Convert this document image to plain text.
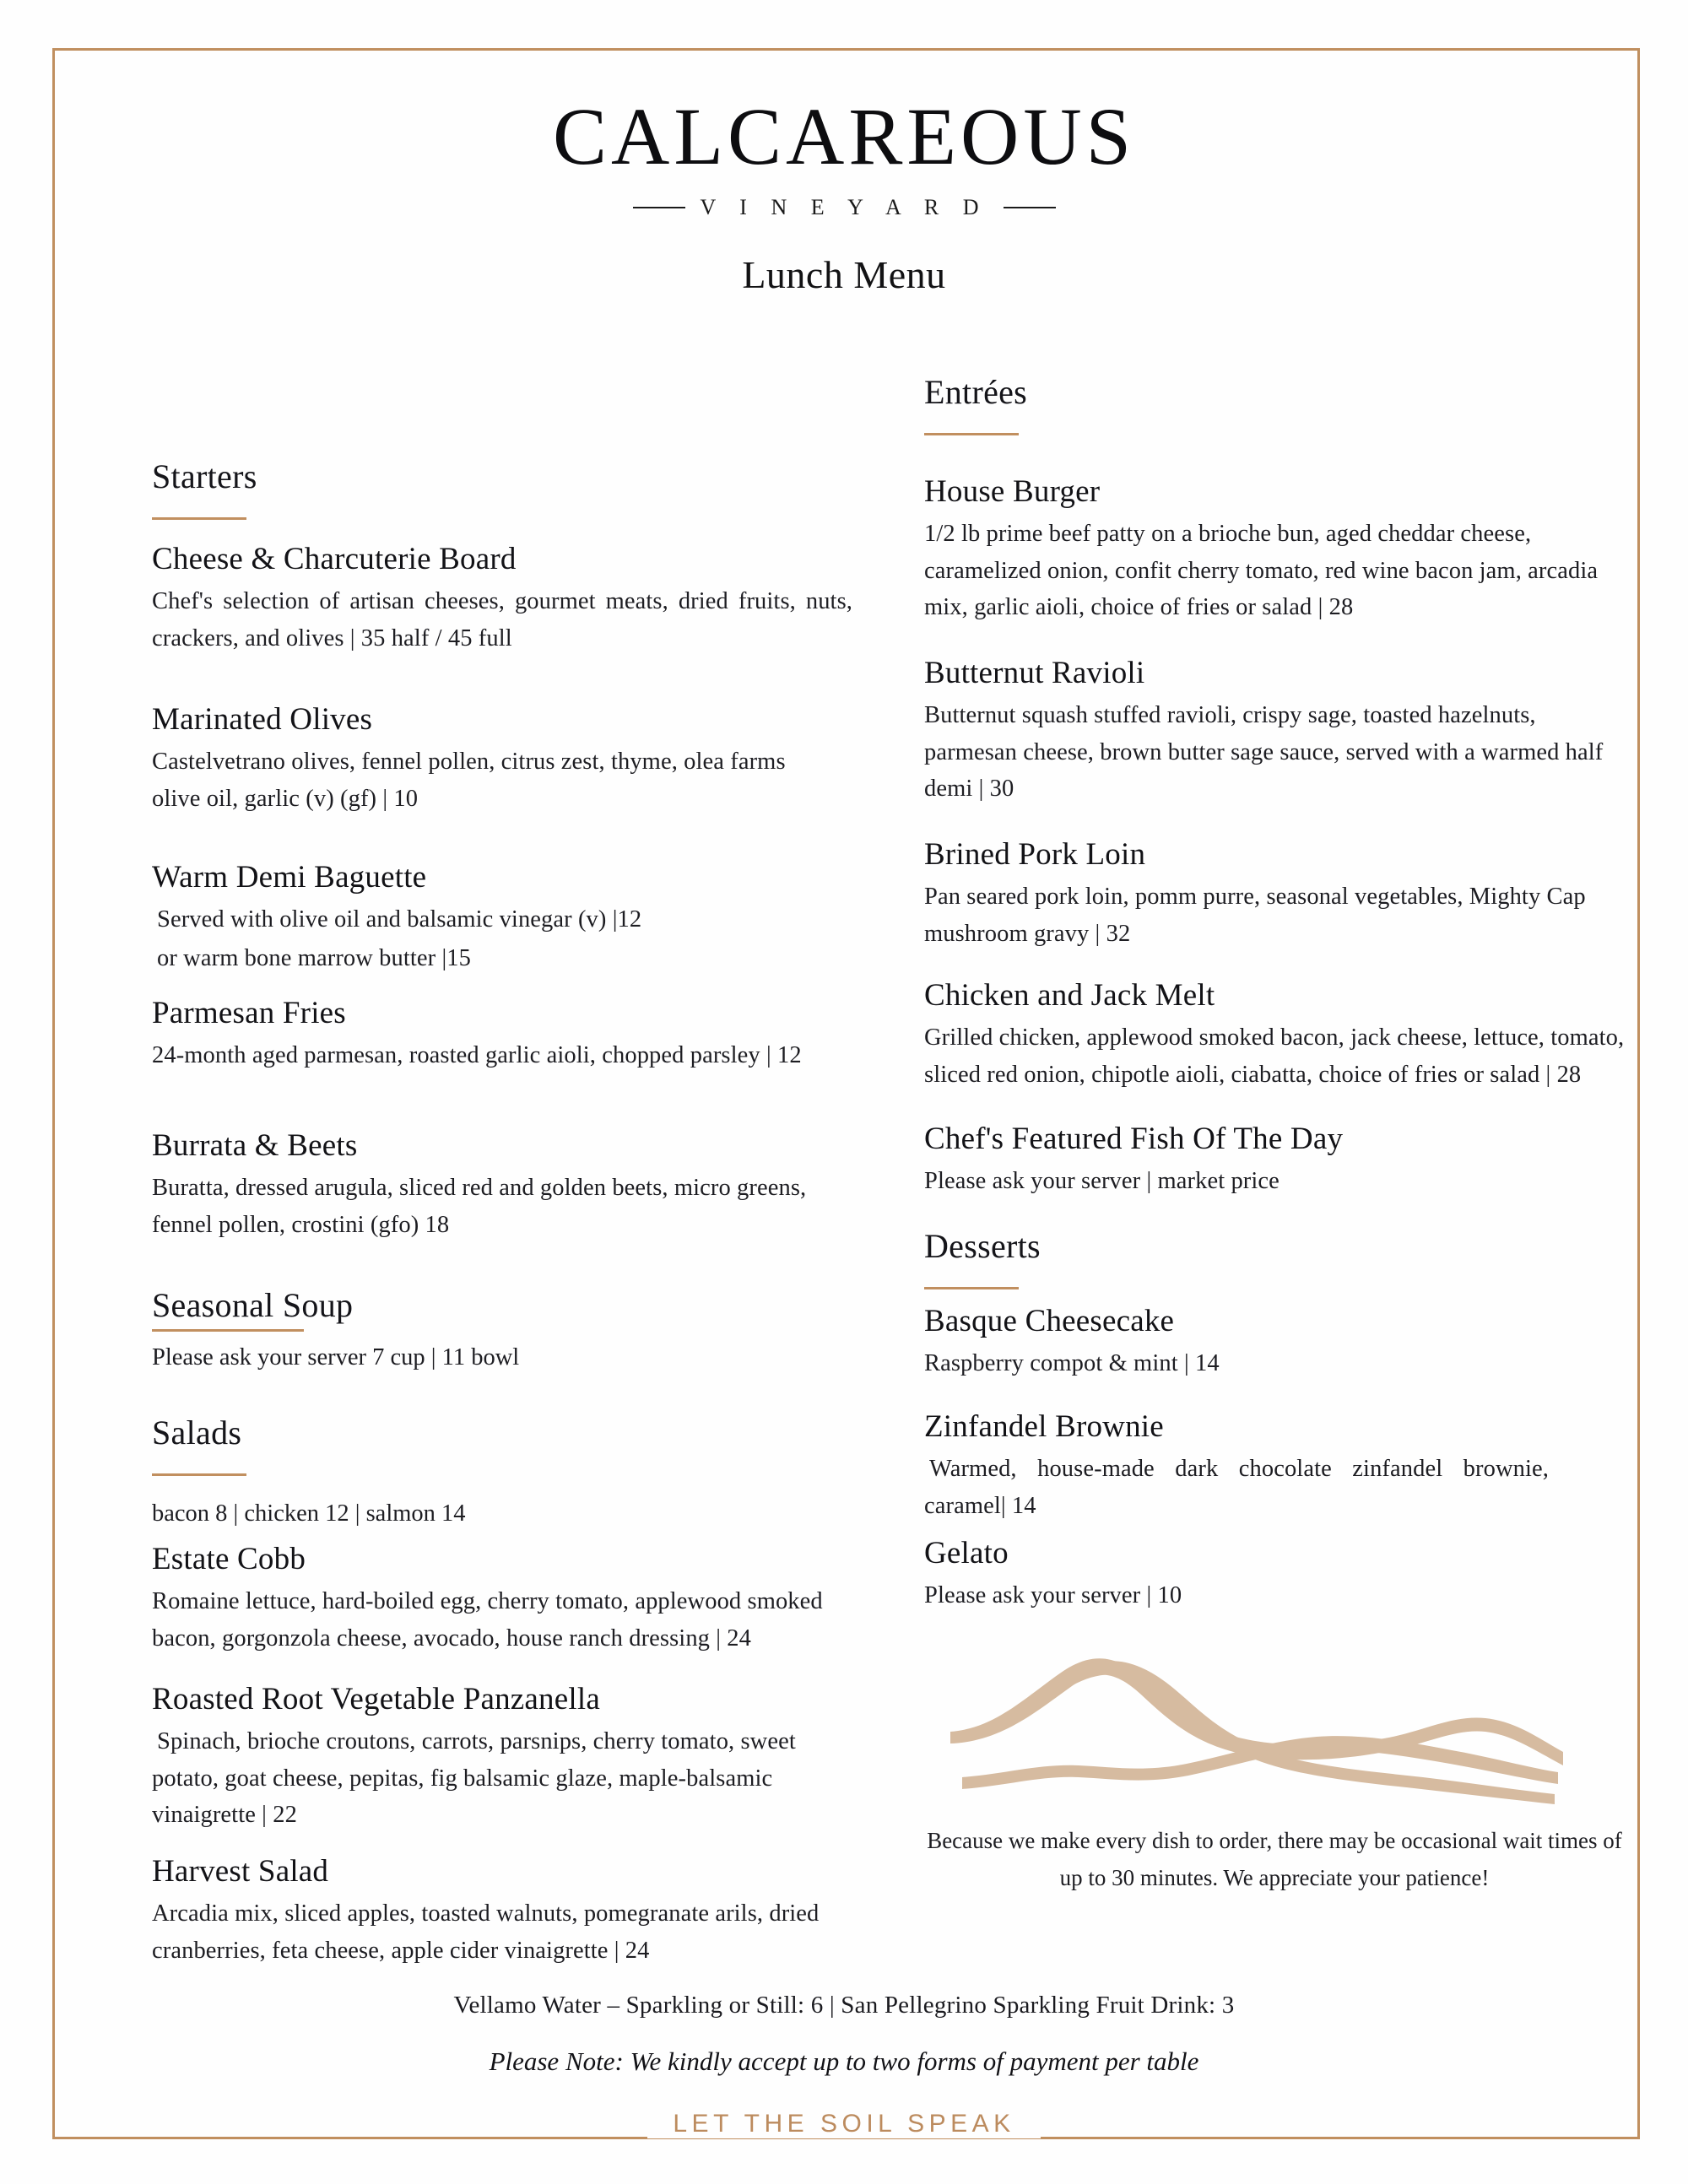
CALCAREOUS
V I N E Y A R D
Lunch Menu
Starters
Cheese & Charcuterie Board
Chef's selection of artisan cheeses, gourmet meats, dried fruits, nuts, crackers, and olives | 35 half / 45 full
Marinated Olives
Castelvetrano olives, fennel pollen, citrus zest, thyme, olea farms olive oil, garlic (v) (gf) | 10
Warm Demi Baguette
Served with olive oil and balsamic vinegar (v) |12
or warm bone marrow butter |15
Parmesan Fries
24-month aged parmesan, roasted garlic aioli, chopped parsley | 12
Burrata & Beets
Buratta, dressed arugula, sliced red and golden beets, micro greens, fennel pollen, crostini (gfo) 18
Seasonal Soup
Please ask your server 7 cup | 11 bowl
Salads
bacon 8 | chicken 12 | salmon 14
Estate Cobb
Romaine lettuce, hard-boiled egg, cherry tomato, applewood smoked bacon, gorgonzola cheese, avocado, house ranch dressing | 24
Roasted Root Vegetable Panzanella
Spinach, brioche croutons, carrots, parsnips, cherry tomato, sweet potato, goat cheese, pepitas, fig balsamic glaze, maple-balsamic vinaigrette | 22
Harvest Salad
Arcadia mix, sliced apples, toasted walnuts, pomegranate arils, dried cranberries, feta cheese, apple cider vinaigrette | 24
Entrées
House Burger
1/2 lb prime beef patty on a brioche bun, aged cheddar cheese, caramelized onion, confit cherry tomato, red wine bacon jam, arcadia mix, garlic aioli, choice of fries or salad | 28
Butternut Ravioli
Butternut squash stuffed ravioli, crispy sage, toasted hazelnuts, parmesan cheese, brown butter sage sauce, served with a warmed half demi | 30
Brined Pork Loin
Pan seared pork loin, pomm purre, seasonal vegetables, Mighty Cap mushroom gravy | 32
Chicken and Jack Melt
Grilled chicken, applewood smoked bacon, jack cheese, lettuce, tomato, sliced red onion, chipotle aioli, ciabatta, choice of fries or salad | 28
Chef's Featured Fish Of The Day
Please ask your server | market price
Desserts
Basque Cheesecake
Raspberry compot & mint | 14
Zinfandel Brownie
Warmed, house-made dark chocolate zinfandel brownie, caramel| 14
Gelato
Please ask your server | 10
Because we make every dish to order, there may be occasional wait times of up to 30 minutes. We appreciate your patience!
Vellamo Water – Sparkling or Still: 6 | San Pellegrino Sparkling Fruit Drink: 3
Please Note: We kindly accept up to two forms of payment per table
LET THE SOIL SPEAK
